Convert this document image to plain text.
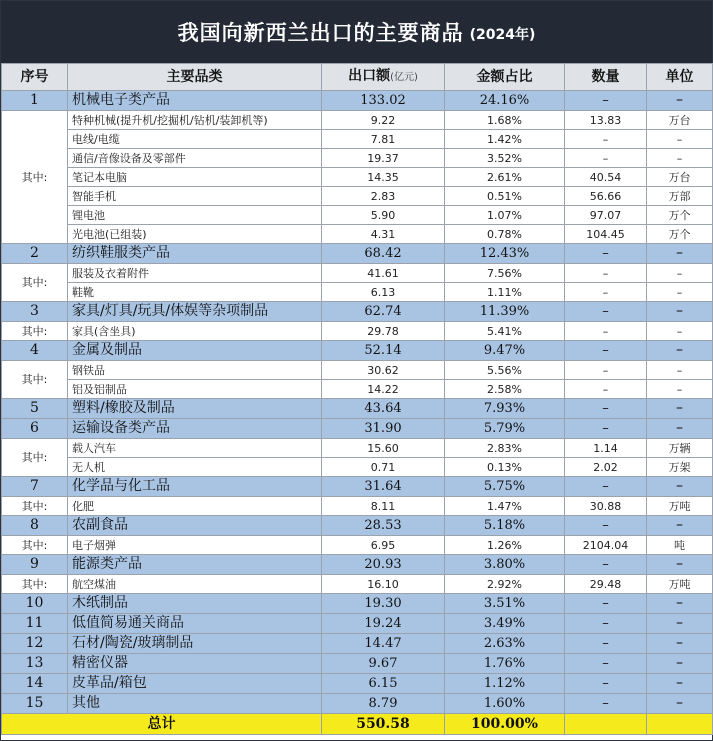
我国向新西兰出口的主要商品 (2024年)
序号	主要品类	出口额(亿元)	金额占比	数量	单位
1	机械电子类产品	133.02	24.16%	–	–
其中:	特种机械(提升机/挖掘机/钻机/装卸机等)	9.22	1.68%	13.83	万台
	电线/电缆	7.81	1.42%	–	–
	通信/音像设备及零部件	19.37	3.52%	–	–
	笔记本电脑	14.35	2.61%	40.54	万台
	智能手机	2.83	0.51%	56.66	万部
	锂电池	5.90	1.07%	97.07	万个
	光电池(已组装)	4.31	0.78%	104.45	万个
2	纺织鞋服类产品	68.42	12.43%	–	–
其中:	服装及衣着附件	41.61	7.56%	–	–
	鞋靴	6.13	1.11%	–	–
3	家具/灯具/玩具/体娱等杂项制品	62.74	11.39%	–	–
其中:	家具(含坐具)	29.78	5.41%	–	–
4	金属及制品	52.14	9.47%	–	–
其中:	钢铁品	30.62	5.56%	–	–
	铝及铝制品	14.22	2.58%	–	–
5	塑料/橡胶及制品	43.64	7.93%	–	–
6	运输设备类产品	31.90	5.79%	–	–
其中:	载人汽车	15.60	2.83%	1.14	万辆
	无人机	0.71	0.13%	2.02	万架
7	化学品与化工品	31.64	5.75%	–	–
其中:	化肥	8.11	1.47%	30.88	万吨
8	农副食品	28.53	5.18%	–	–
其中:	电子烟弹	6.95	1.26%	2104.04	吨
9	能源类产品	20.93	3.80%	–	–
其中:	航空煤油	16.10	2.92%	29.48	万吨
10	木纸制品	19.30	3.51%	–	–
11	低值简易通关商品	19.24	3.49%	–	–
12	石材/陶瓷/玻璃制品	14.47	2.63%	–	–
13	精密仪器	9.67	1.76%	–	–
14	皮革品/箱包	6.15	1.12%	–	–
15	其他	8.79	1.60%	–	–
总计		550.58	100.00%		
